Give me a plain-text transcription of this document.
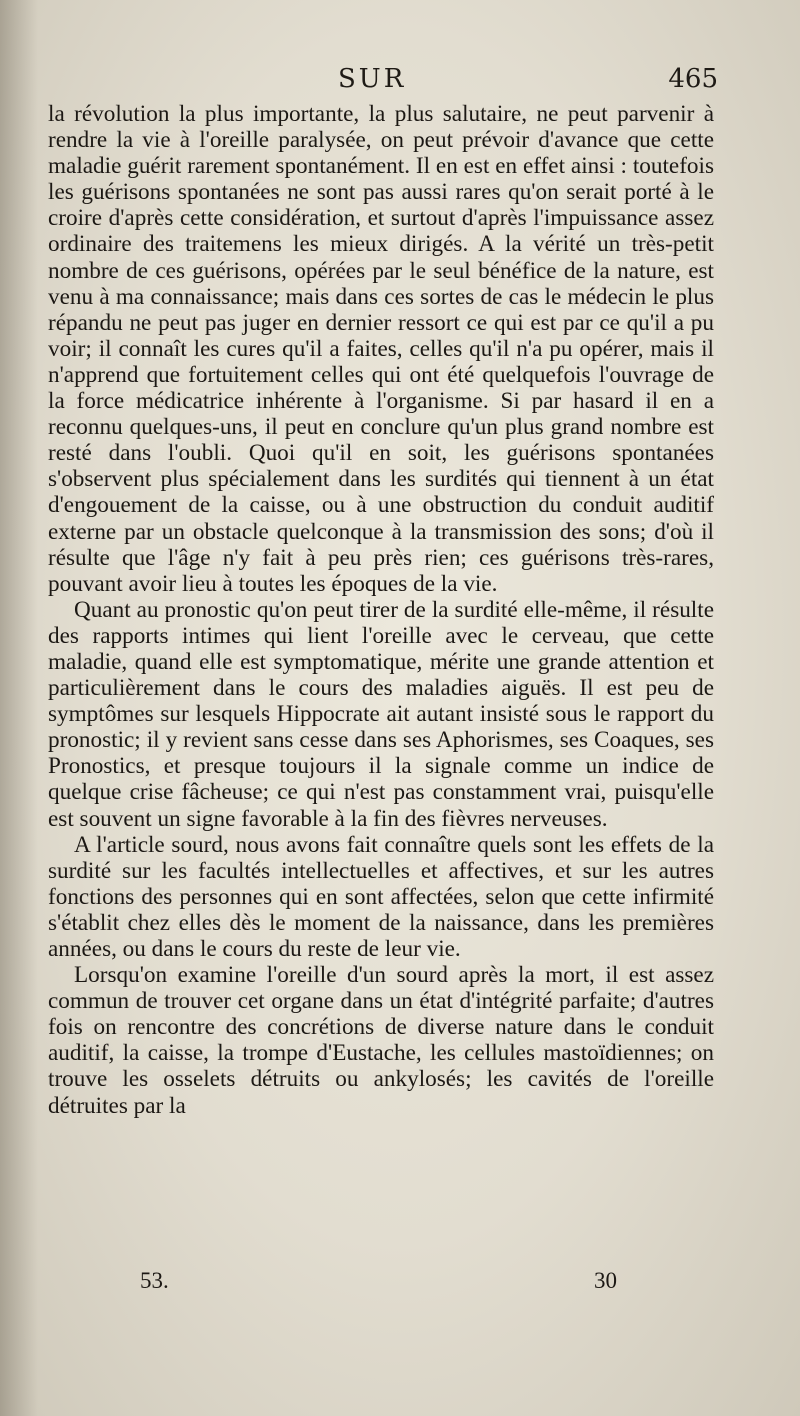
SUR	465

la révolution la plus importante, la plus salutaire, ne peut parvenir à rendre la vie à l'oreille paralysée, on peut prévoir d'avance que cette maladie guérit rarement spontanément. Il en est en effet ainsi : toutefois les guérisons spontanées ne sont pas aussi rares qu'on serait porté à le croire d'après cette considération, et surtout d'après l'impuissance assez ordinaire des traitemens les mieux dirigés. A la vérité un très-petit nombre de ces guérisons, opérées par le seul bénéfice de la nature, est venu à ma connaissance; mais dans ces sortes de cas le médecin le plus répandu ne peut pas juger en dernier ressort ce qui est par ce qu'il a pu voir; il connaît les cures qu'il a faites, celles qu'il n'a pu opérer, mais il n'apprend que fortuitement celles qui ont été quelquefois l'ouvrage de la force médicatrice inhérente à l'organisme. Si par hasard il en a reconnu quelques-uns, il peut en conclure qu'un plus grand nombre est resté dans l'oubli. Quoi qu'il en soit, les guérisons spontanées s'observent plus spécialement dans les surdités qui tiennent à un état d'engouement de la caisse, ou à une obstruction du conduit auditif externe par un obstacle quelconque à la transmission des sons; d'où il résulte que l'âge n'y fait à peu près rien; ces guérisons très-rares, pouvant avoir lieu à toutes les époques de la vie.

Quant au pronostic qu'on peut tirer de la surdité elle-même, il résulte des rapports intimes qui lient l'oreille avec le cerveau, que cette maladie, quand elle est symptomatique, mérite une grande attention et particulièrement dans le cours des maladies aiguës. Il est peu de symptômes sur lesquels Hippocrate ait autant insisté sous le rapport du pronostic; il y revient sans cesse dans ses Aphorismes, ses Coaques, ses Pronostics, et presque toujours il la signale comme un indice de quelque crise fâcheuse; ce qui n'est pas constamment vrai, puisqu'elle est souvent un signe favorable à la fin des fièvres nerveuses.

A l'article sourd, nous avons fait connaître quels sont les effets de la surdité sur les facultés intellectuelles et affectives, et sur les autres fonctions des personnes qui en sont affectées, selon que cette infirmité s'établit chez elles dès le moment de la naissance, dans les premières années, ou dans le cours du reste de leur vie.

Lorsqu'on examine l'oreille d'un sourd après la mort, il est assez commun de trouver cet organe dans un état d'intégrité parfaite; d'autres fois on rencontre des concrétions de diverse nature dans le conduit auditif, la caisse, la trompe d'Eustache, les cellules mastoïdiennes; on trouve les osselets détruits ou ankylosés; les cavités de l'oreille détruites par la

53.	30
